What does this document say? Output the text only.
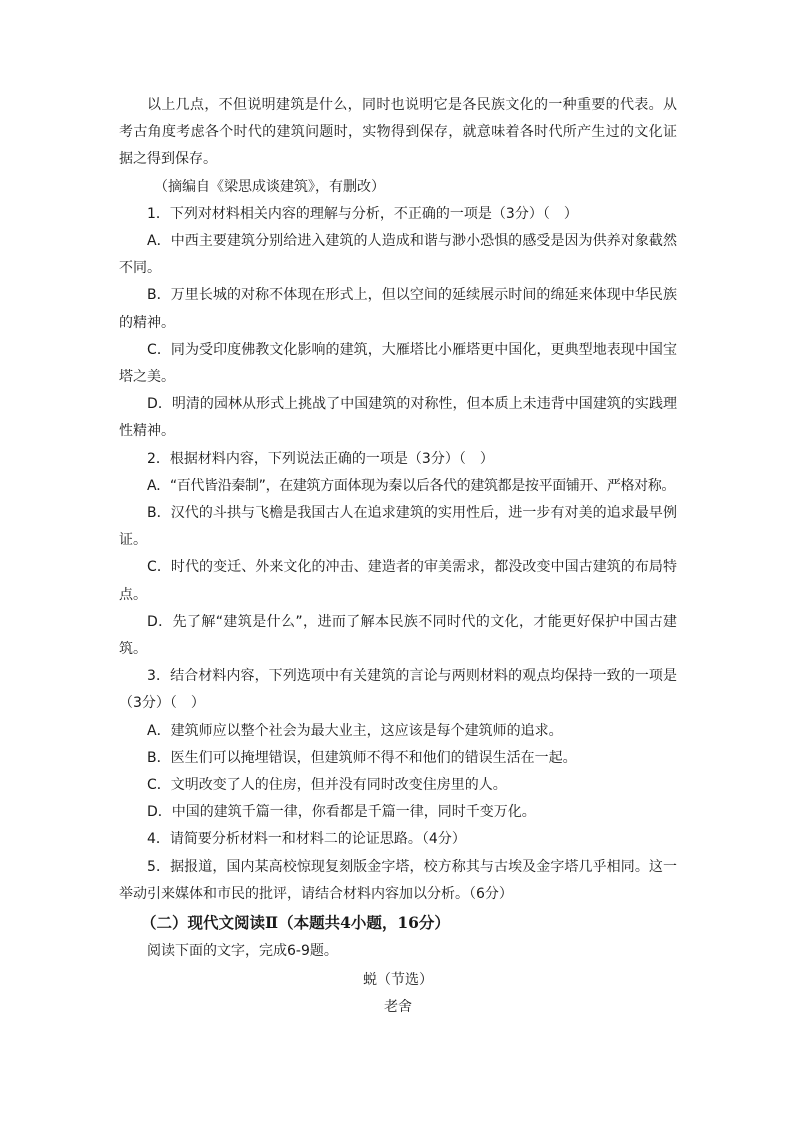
以上几点，不但说明建筑是什么，同时也说明它是各民族文化的一种重要的代表。从考古角度考虑各个时代的建筑问题时，实物得到保存，就意味着各时代所产生过的文化证据之得到保存。

（摘编自《梁思成谈建筑》，有删改）

1．下列对材料相关内容的理解与分析，不正确的一项是（3分）（　）

A．中西主要建筑分别给进入建筑的人造成和谐与渺小恐惧的感受是因为供养对象截然不同。

B．万里长城的对称不体现在形式上，但以空间的延续展示时间的绵延来体现中华民族的精神。

C．同为受印度佛教文化影响的建筑，大雁塔比小雁塔更中国化，更典型地表现中国宝塔之美。

D．明清的园林从形式上挑战了中国建筑的对称性，但本质上未违背中国建筑的实践理性精神。

2．根据材料内容，下列说法正确的一项是（3分）（　）

A．“百代皆沿秦制”，在建筑方面体现为秦以后各代的建筑都是按平面铺开、严格对称。

B．汉代的斗拱与飞檐是我国古人在追求建筑的实用性后，进一步有对美的追求最早例证。

C．时代的变迁、外来文化的冲击、建造者的审美需求，都没改变中国古建筑的布局特点。

D．先了解“建筑是什么”，进而了解本民族不同时代的文化，才能更好保护中国古建筑。

3．结合材料内容，下列选项中有关建筑的言论与两则材料的观点均保持一致的一项是（3分）（　）

A．建筑师应以整个社会为最大业主，这应该是每个建筑师的追求。

B．医生们可以掩埋错误，但建筑师不得不和他们的错误生活在一起。

C．文明改变了人的住房，但并没有同时改变住房里的人。

D．中国的建筑千篇一律，你看都是千篇一律，同时千变万化。

4．请简要分析材料一和材料二的论证思路。（4分）

5．据报道，国内某高校惊现复刻版金字塔，校方称其与古埃及金字塔几乎相同。这一举动引来媒体和市民的批评，请结合材料内容加以分析。（6分）

（二）现代文阅读Ⅱ（本题共4小题，16分）

阅读下面的文字，完成6-9题。

蜕（节选）

老舍
